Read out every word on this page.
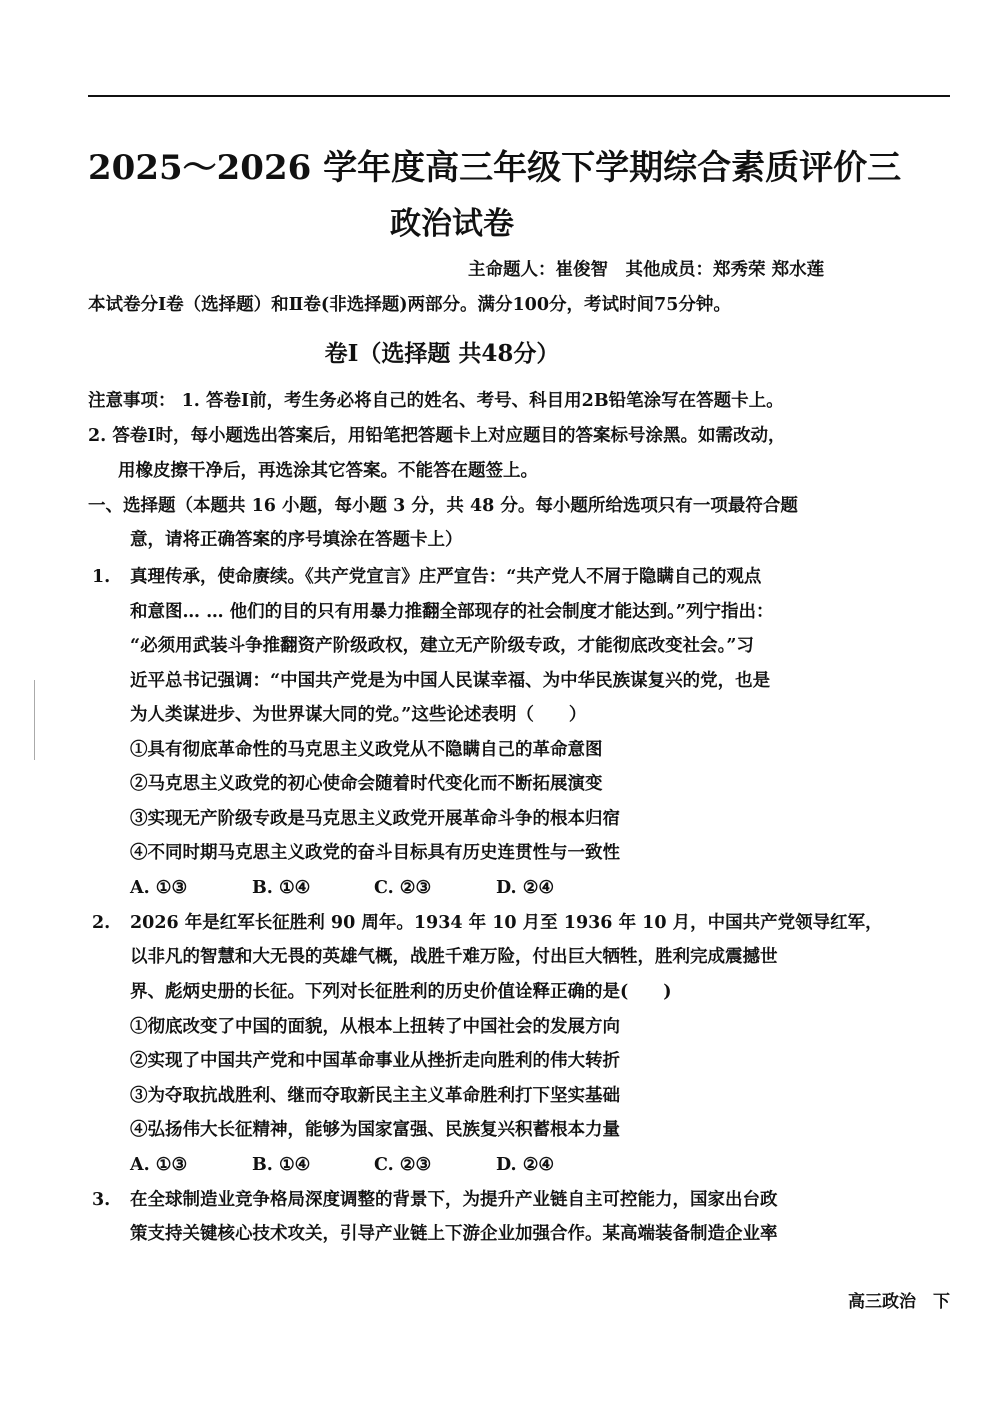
2025～2026 学年度高三年级下学期综合素质评价三
政治试卷
主命题人：崔俊智　其他成员：郑秀荣 郑水莲
本试卷分Ⅰ卷（选择题）和Ⅱ卷(非选择题)两部分。满分100分，考试时间75分钟。
卷Ⅰ（选择题 共48分）
注意事项： 1. 答卷Ⅰ前，考生务必将自己的姓名、考号、科目用2B铅笔涂写在答题卡上。
2. 答卷Ⅰ时，每小题选出答案后，用铅笔把答题卡上对应题目的答案标号涂黑。如需改动，
用橡皮擦干净后，再选涂其它答案。不能答在题签上。
一、选择题（本题共 16 小题，每小题 3 分，共 48 分。每小题所给选项只有一项最符合题
意，请将正确答案的序号填涂在答题卡上）
1. 真理传承，使命赓续。《共产党宣言》庄严宣告：“共产党人不屑于隐瞒自己的观点
和意图… … 他们的目的只有用暴力推翻全部现存的社会制度才能达到。”列宁指出：
“必须用武装斗争推翻资产阶级政权，建立无产阶级专政，才能彻底改变社会。”习
近平总书记强调：“中国共产党是为中国人民谋幸福、为中华民族谋复兴的党，也是
为人类谋进步、为世界谋大同的党。”这些论述表明（　　）
①具有彻底革命性的马克思主义政党从不隐瞒自己的革命意图
②马克思主义政党的初心使命会随着时代变化而不断拓展演变
③实现无产阶级专政是马克思主义政党开展革命斗争的根本归宿
④不同时期马克思主义政党的奋斗目标具有历史连贯性与一致性
A. ①③	B. ①④	C. ②③	D. ②④
2. 2026 年是红军长征胜利 90 周年。1934 年 10 月至 1936 年 10 月，中国共产党领导红军，
以非凡的智慧和大无畏的英雄气概，战胜千难万险，付出巨大牺牲，胜利完成震撼世
界、彪炳史册的长征。下列对长征胜利的历史价值诠释正确的是(　　)
①彻底改变了中国的面貌，从根本上扭转了中国社会的发展方向
②实现了中国共产党和中国革命事业从挫折走向胜利的伟大转折
③为夺取抗战胜利、继而夺取新民主主义革命胜利打下坚实基础
④弘扬伟大长征精神，能够为国家富强、民族复兴积蓄根本力量
A. ①③	B. ①④	C. ②③	D. ②④
3. 在全球制造业竞争格局深度调整的背景下，为提升产业链自主可控能力，国家出台政
策支持关键核心技术攻关，引导产业链上下游企业加强合作。某高端装备制造企业率
高三政治　下
